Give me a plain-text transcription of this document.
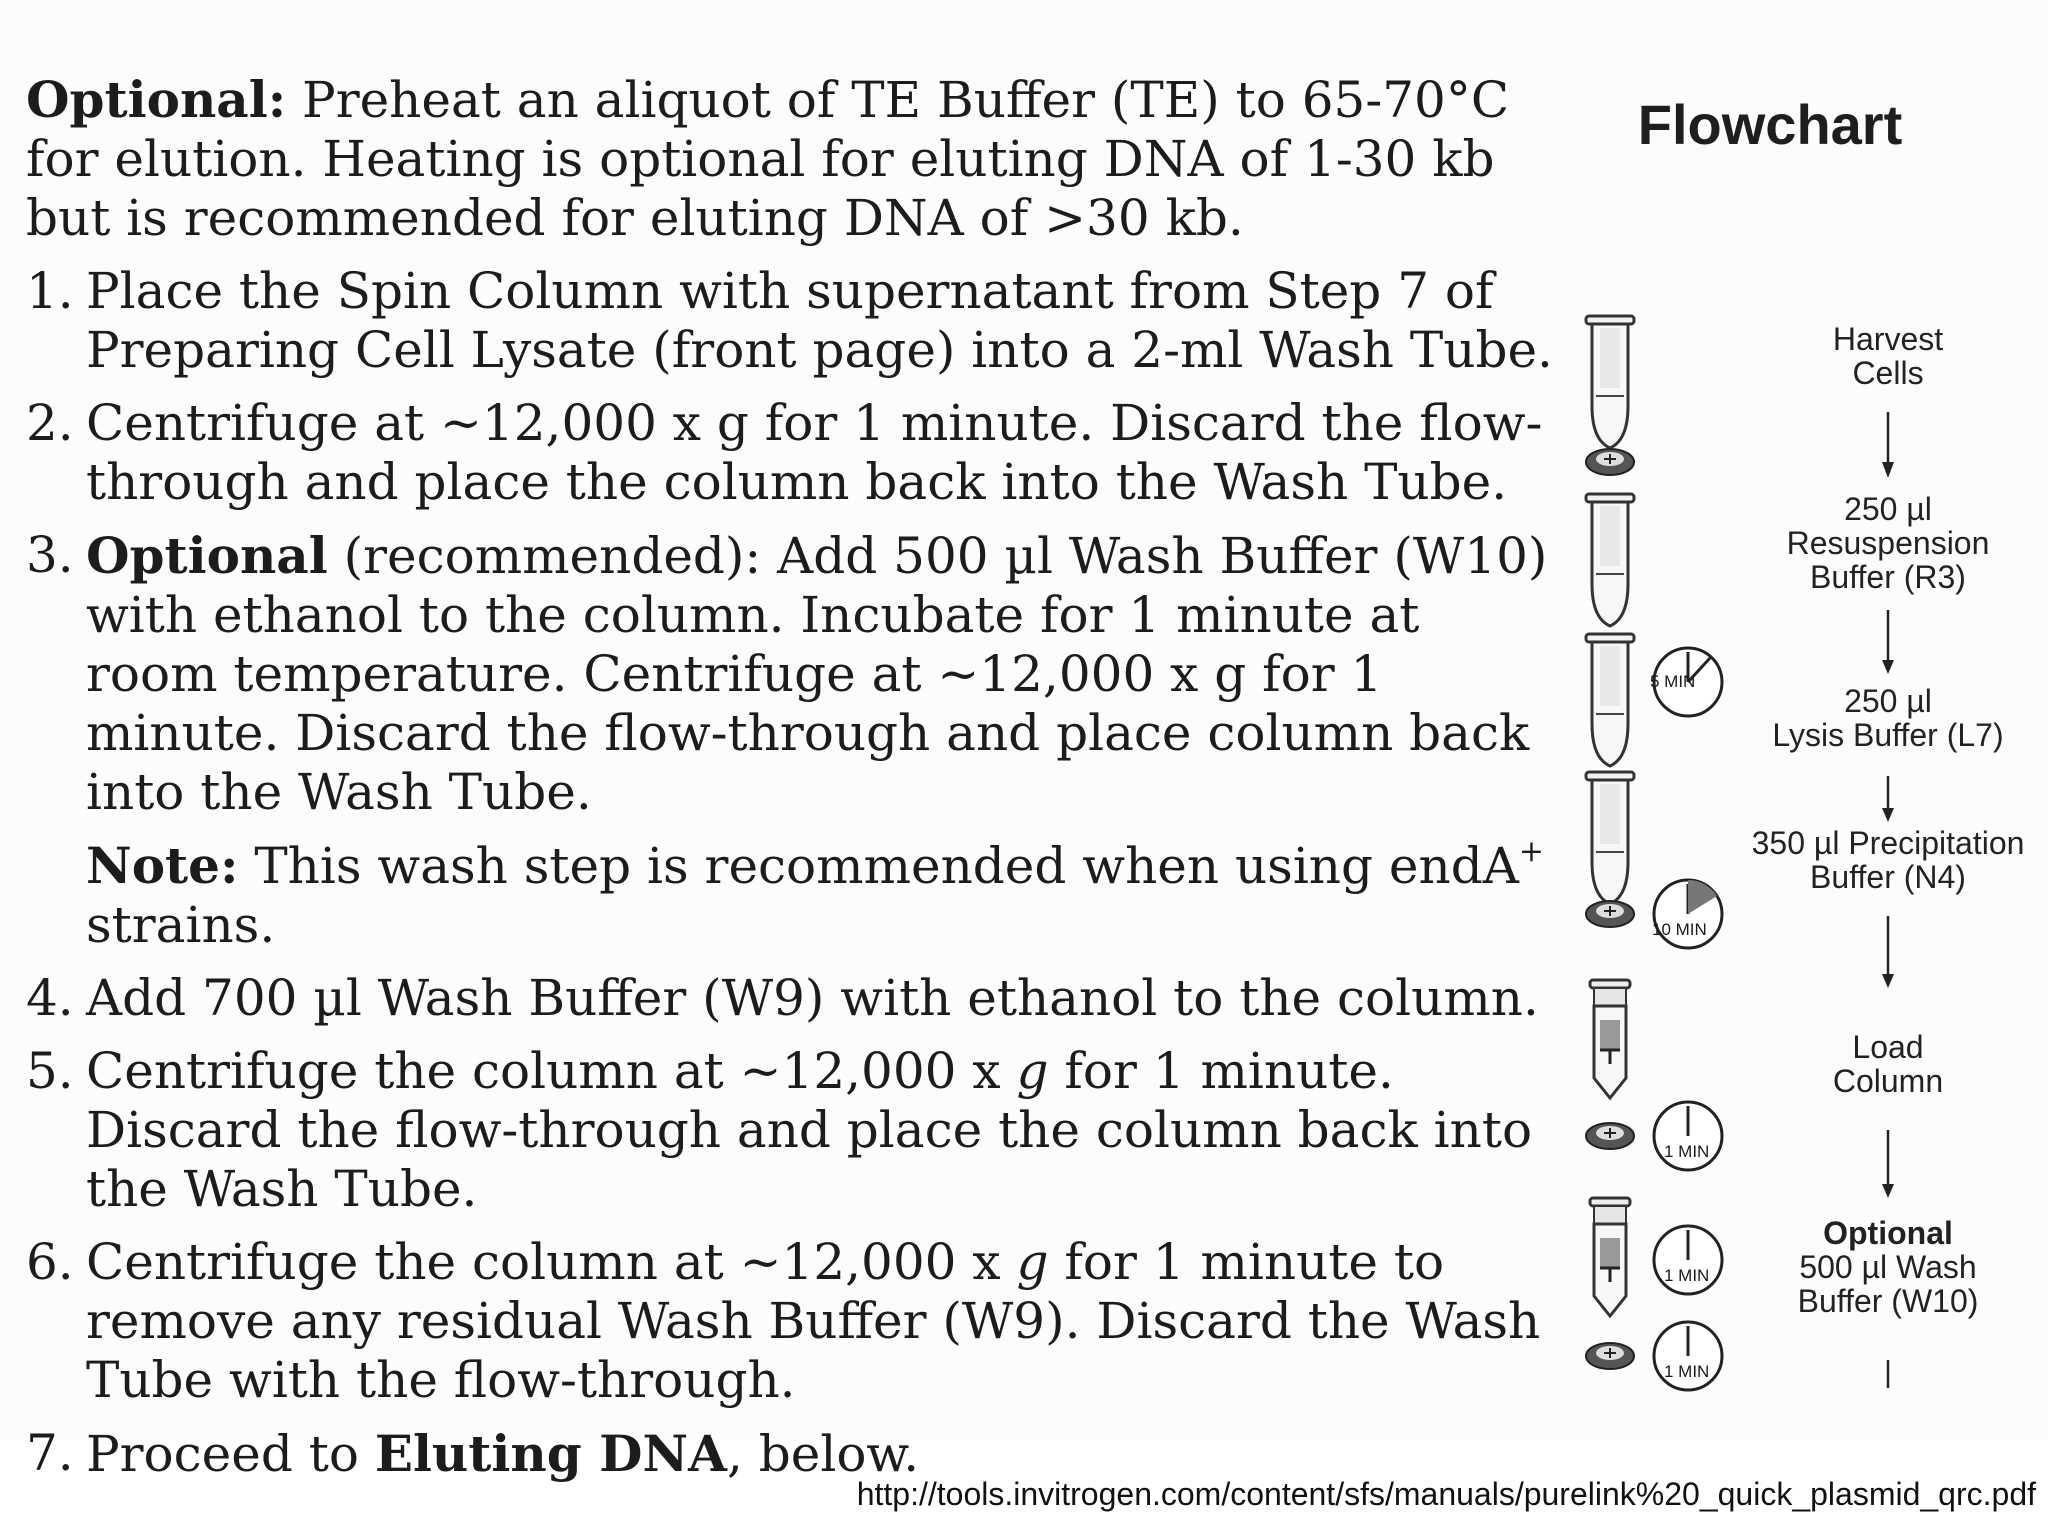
Optional: Preheat an aliquot of TE Buffer (TE) to 65-70°C for elution. Heating is optional for eluting DNA of 1-30 kb but is recommended for eluting DNA of >30 kb.

1. Place the Spin Column with supernatant from Step 7 of Preparing Cell Lysate (front page) into a 2-ml Wash Tube.
2. Centrifuge at ~12,000 x g for 1 minute. Discard the flow-through and place the column back into the Wash Tube.
3. Optional (recommended): Add 500 µl Wash Buffer (W10) with ethanol to the column. Incubate for 1 minute at room temperature. Centrifuge at ~12,000 x g for 1 minute. Discard the flow-through and place column back into the Wash Tube.
Note: This wash step is recommended when using endA+ strains.
4. Add 700 µl Wash Buffer (W9) with ethanol to the column.
5. Centrifuge the column at ~12,000 x g for 1 minute. Discard the flow-through and place the column back into the Wash Tube.
6. Centrifuge the column at ~12,000 x g for 1 minute to remove any residual Wash Buffer (W9). Discard the Wash Tube with the flow-through.
7. Proceed to Eluting DNA, below.
Flowchart
Harvest
Cells
250 µl
Resuspension
Buffer (R3)
250 µl
Lysis Buffer (L7)
350 µl Precipitation
Buffer (N4)
Load
Column
Optional
500 µl Wash
Buffer (W10)
5 MIN
10 MIN
1 MIN
1 MIN
1 MIN
http://tools.invitrogen.com/content/sfs/manuals/purelink%20_quick_plasmid_qrc.pdf
